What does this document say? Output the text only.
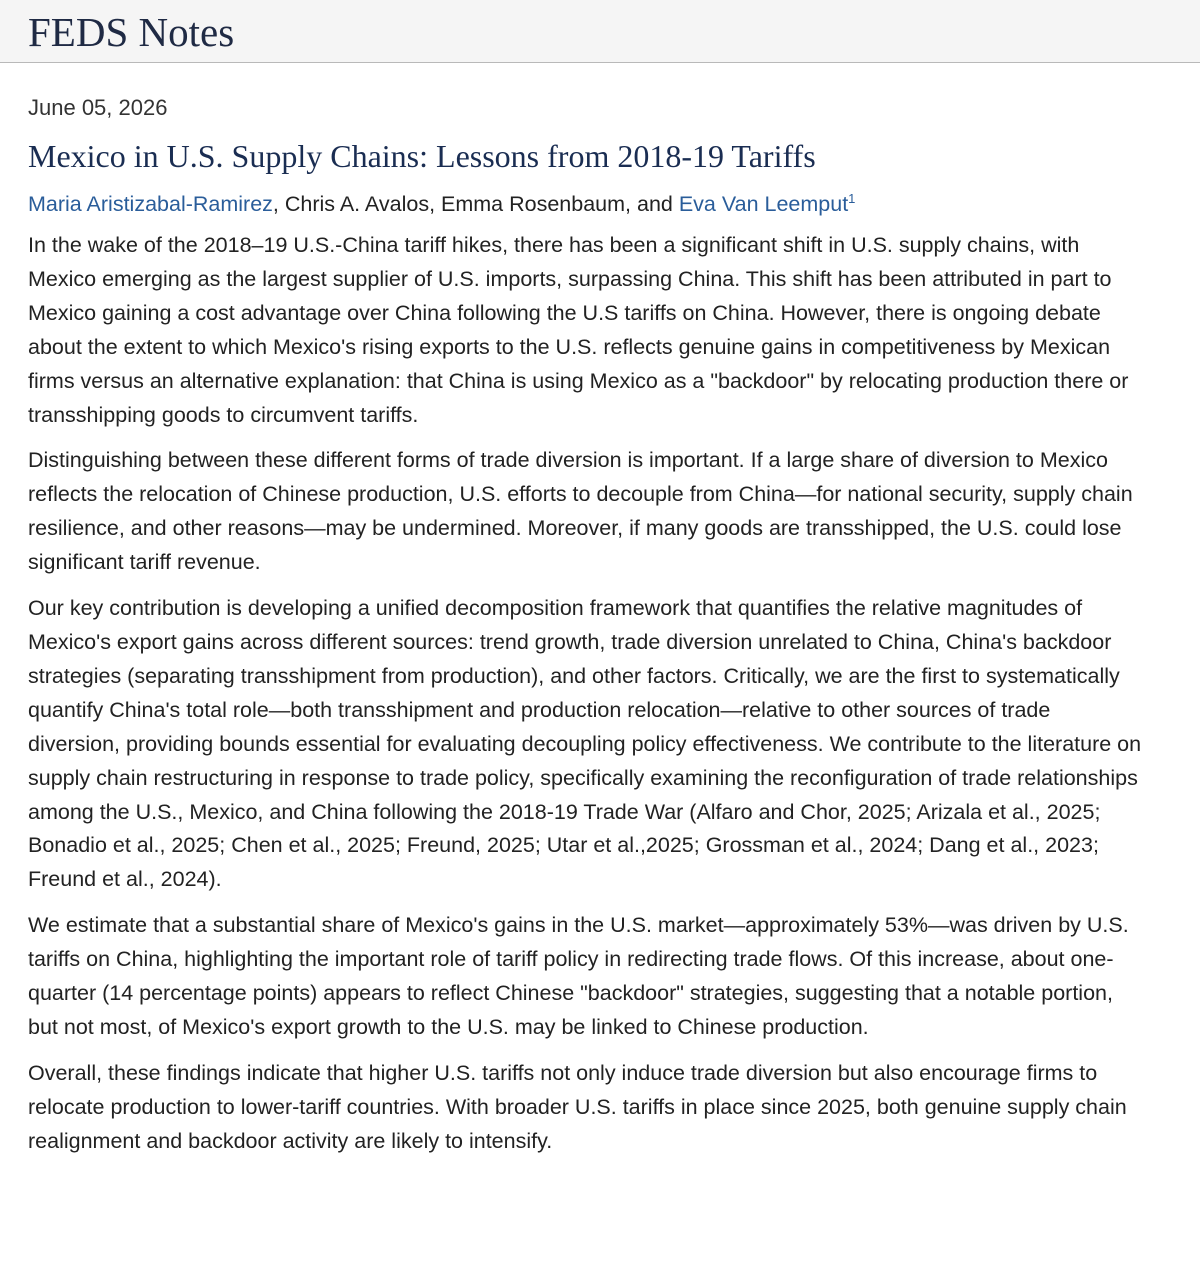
FEDS Notes

June 05, 2026

Mexico in U.S. Supply Chains: Lessons from 2018-19 Tariffs

Maria Aristizabal-Ramirez, Chris A. Avalos, Emma Rosenbaum, and Eva Van Leemput$^1$

In the wake of the 2018–19 U.S.-China tariff hikes, there has been a significant shift in U.S. supply chains, with Mexico emerging as the largest supplier of U.S. imports, surpassing China. This shift has been attributed in part to Mexico gaining a cost advantage over China following the U.S tariffs on China. However, there is ongoing debate about the extent to which Mexico's rising exports to the U.S. reflects genuine gains in competitiveness by Mexican firms versus an alternative explanation: that China is using Mexico as a "backdoor" by relocating production there or transshipping goods to circumvent tariffs.

Distinguishing between these different forms of trade diversion is important. If a large share of diversion to Mexico reflects the relocation of Chinese production, U.S. efforts to decouple from China—for national security, supply chain resilience, and other reasons—may be undermined. Moreover, if many goods are transshipped, the U.S. could lose significant tariff revenue.

Our key contribution is developing a unified decomposition framework that quantifies the relative magnitudes of Mexico's export gains across different sources: trend growth, trade diversion unrelated to China, China's backdoor strategies (separating transshipment from production), and other factors. Critically, we are the first to systematically quantify China's total role—both transshipment and production relocation—relative to other sources of trade diversion, providing bounds essential for evaluating decoupling policy effectiveness. We contribute to the literature on supply chain restructuring in response to trade policy, specifically examining the reconfiguration of trade relationships among the U.S., Mexico, and China following the 2018-19 Trade War (Alfaro and Chor, 2025; Arizala et al., 2025; Bonadio et al., 2025; Chen et al., 2025; Freund, 2025; Utar et al.,2025; Grossman et al., 2024; Dang et al., 2023; Freund et al., 2024).

We estimate that a substantial share of Mexico's gains in the U.S. market—approximately 53%—was driven by U.S. tariffs on China, highlighting the important role of tariff policy in redirecting trade flows. Of this increase, about one-quarter (14 percentage points) appears to reflect Chinese "backdoor" strategies, suggesting that a notable portion, but not most, of Mexico's export growth to the U.S. may be linked to Chinese production.

Overall, these findings indicate that higher U.S. tariffs not only induce trade diversion but also encourage firms to relocate production to lower-tariff countries. With broader U.S. tariffs in place since 2025, both genuine supply chain realignment and backdoor activity are likely to intensify.
